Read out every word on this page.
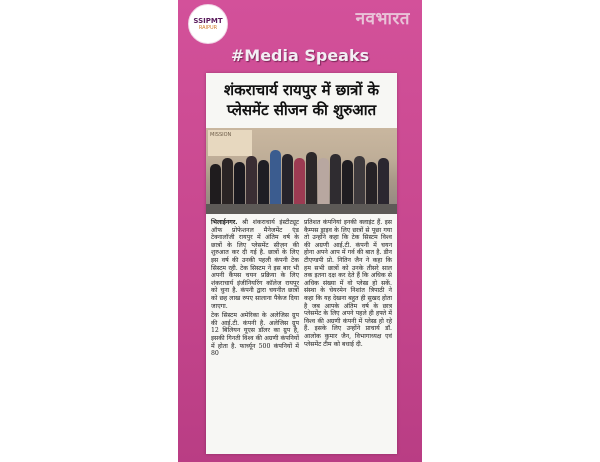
SSIPMT
RAIPUR	नवभारत
#Media Speaks
शंकराचार्य रायपुर में छात्रों के प्लेसमेंट सीजन की शुरुआत
MISSION

भिलाईनगर. श्री शंकराचार्य इंस्टीट्यूट ऑफ प्रोफेशनल मैनेजमेंट एंड टेक्नालॉजी रायपुर में अंतिम वर्ष के छात्रों के लिए प्लेसमेंट सीज़न की शुरुआत कर दी गई है. छात्रों के लिए इस वर्ष की उनकी पहली कंपनी टेक सिस्टम रही. टेक सिस्टम ने इस बार भी अपनी कैंपस चयन प्रक्रिया के लिए शंकराचार्य इंजीनियरिंग कॉलेज रायपुर को चुना है. कंपनी द्वारा चयनीत छात्रों को छह लाख रुपए सालाना पैकेज दिया जाएगा.

टेक सिस्टम अमेरिका के अलेजिस ग्रुप की आई.टी. कंपनी है. अलेजिस ग्रुप 12 बिलियन यूएस डॉलर का ग्रुप है, इसकी गिनती विश्व की अग्रणी कंपनियों में होता है. फार्च्यून 500 कंपनियों में 80

प्रतिशत कंपनियां इनकी क्लाइंट हैं. इस कैम्पस ड्राइव के लिए छात्रों से पूछा गया तो उन्होंने कहा कि टेक सिस्टम विश्व की अग्रणी आई.टी. कंपनी में चयन होना अपने आप में गर्व की बात है. डीन टीएण्डपी प्रो. नितिन जैन ने कहा कि हम सभी छात्रों को उनके तीसरे साल तक इतना दक्ष कर देते हैं कि अधिक से अधिक संख्या में वो प्लेस्ड हो सकें. संस्था के चेयरमेन निशांत त्रिपाठी ने कहा कि यह देखना बहुत ही सुखद होता है जब आपके अंतिम वर्ष के छात्र प्लेसमेंट के लिए अपने पहले ही हफ्ते में विश्व की अग्रणी कंपनी में प्लेस्ड हो रहे हैं. इसके लिए उन्होंने प्राचार्य डॉ. आलोक कुमार जैन, विभागाध्यक्ष एवं प्लेसमेंट टीम को बधाई दी.
